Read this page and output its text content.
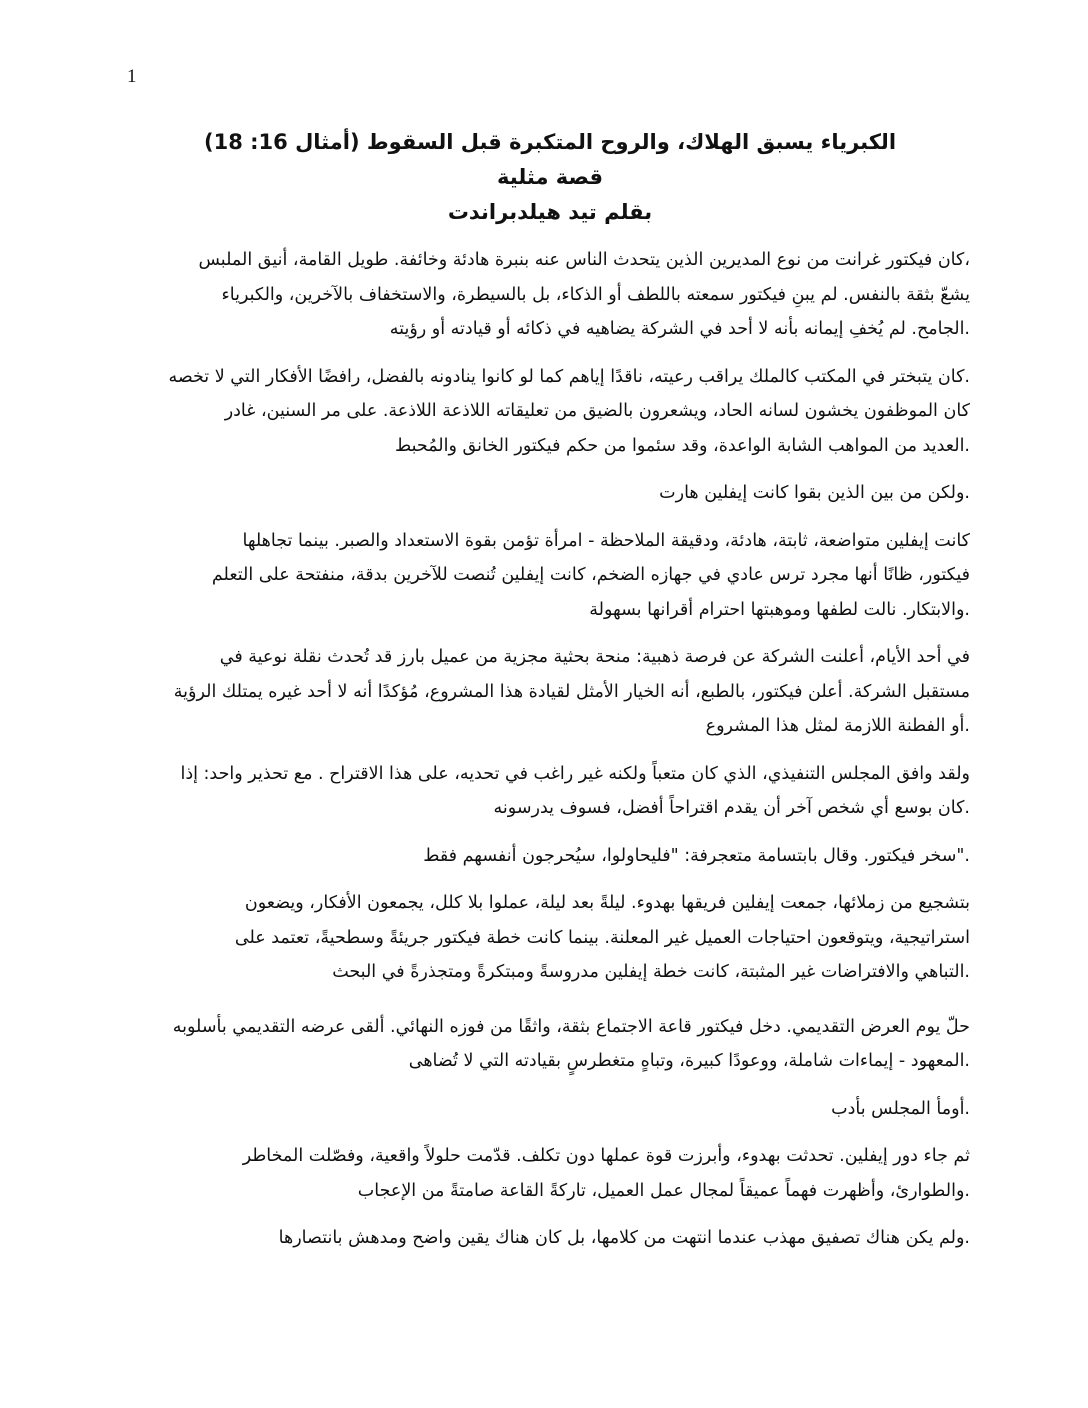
1
الكبرياء يسبق الهلاك، والروح المتكبرة قبل السقوط (أمثال 16: 18)
قصة مثلية
بقلم تيد هيلدبراندت

،كان فيكتور غرانت من نوع المديرين الذين يتحدث الناس عنه بنبرة هادئة وخائفة. طويل القامة، أنيق الملبس
يشعّ بثقة بالنفس. لم يبنِ فيكتور سمعته باللطف أو الذكاء، بل بالسيطرة، والاستخفاف بالآخرين، والكبرياء
.الجامح. لم يُخفِ إيمانه بأنه لا أحد في الشركة يضاهيه في ذكائه أو قيادته أو رؤيته

.كان يتبختر في المكتب كالملك يراقب رعيته، ناقدًا إياهم كما لو كانوا ينادونه بالفضل، رافضًا الأفكار التي لا تخصه
كان الموظفون يخشون لسانه الحاد، ويشعرون بالضيق من تعليقاته اللاذعة اللاذعة. على مر السنين، غادر
.العديد من المواهب الشابة الواعدة، وقد سئموا من حكم فيكتور الخانق والمُحبط

.ولكن من بين الذين بقوا كانت إيفلين هارت

كانت إيفلين متواضعة، ثابتة، هادئة، ودقيقة الملاحظة - امرأة تؤمن بقوة الاستعداد والصبر. بينما تجاهلها
فيكتور، ظانًا أنها مجرد ترس عادي في جهازه الضخم، كانت إيفلين تُنصت للآخرين بدقة، منفتحة على التعلم
.والابتكار. نالت لطفها وموهبتها احترام أقرانها بسهولة

في أحد الأيام، أعلنت الشركة عن فرصة ذهبية: منحة بحثية مجزية من عميل بارز قد تُحدث نقلة نوعية في
مستقبل الشركة. أعلن فيكتور، بالطبع، أنه الخيار الأمثل لقيادة هذا المشروع، مُؤكدًا أنه لا أحد غيره يمتلك الرؤية
.أو الفطنة اللازمة لمثل هذا المشروع

ولقد وافق المجلس التنفيذي، الذي كان متعباً ولكنه غير راغب في تحديه، على هذا الاقتراح . مع تحذير واحد: إذا
.كان بوسع أي شخص آخر أن يقدم اقتراحاً أفضل، فسوف يدرسونه

."سخر فيكتور. وقال بابتسامة متعجرفة: "فليحاولوا، سيُحرجون أنفسهم فقط

بتشجيع من زملائها، جمعت إيفلين فريقها بهدوء. ليلةً بعد ليلة، عملوا بلا كلل، يجمعون الأفكار، ويضعون
استراتيجية، ويتوقعون احتياجات العميل غير المعلنة. بينما كانت خطة فيكتور جريئةً وسطحيةً، تعتمد على
.التباهي والافتراضات غير المثبتة، كانت خطة إيفلين مدروسةً ومبتكرةً ومتجذرةً في البحث

حلّ يوم العرض التقديمي. دخل فيكتور قاعة الاجتماع بثقة، واثقًا من فوزه النهائي. ألقى عرضه التقديمي بأسلوبه
.المعهود - إيماءات شاملة، ووعودًا كبيرة، وتباهٍ متغطرسٍ بقيادته التي لا تُضاهى

.أومأ المجلس بأدب

ثم جاء دور إيفلين. تحدثت بهدوء، وأبرزت قوة عملها دون تكلف. قدّمت حلولاً واقعية، وفصّلت المخاطر
.والطوارئ، وأظهرت فهماً عميقاً لمجال عمل العميل، تاركةً القاعة صامتةً من الإعجاب

.ولم يكن هناك تصفيق مهذب عندما انتهت من كلامها، بل كان هناك يقين واضح ومدهش بانتصارها
